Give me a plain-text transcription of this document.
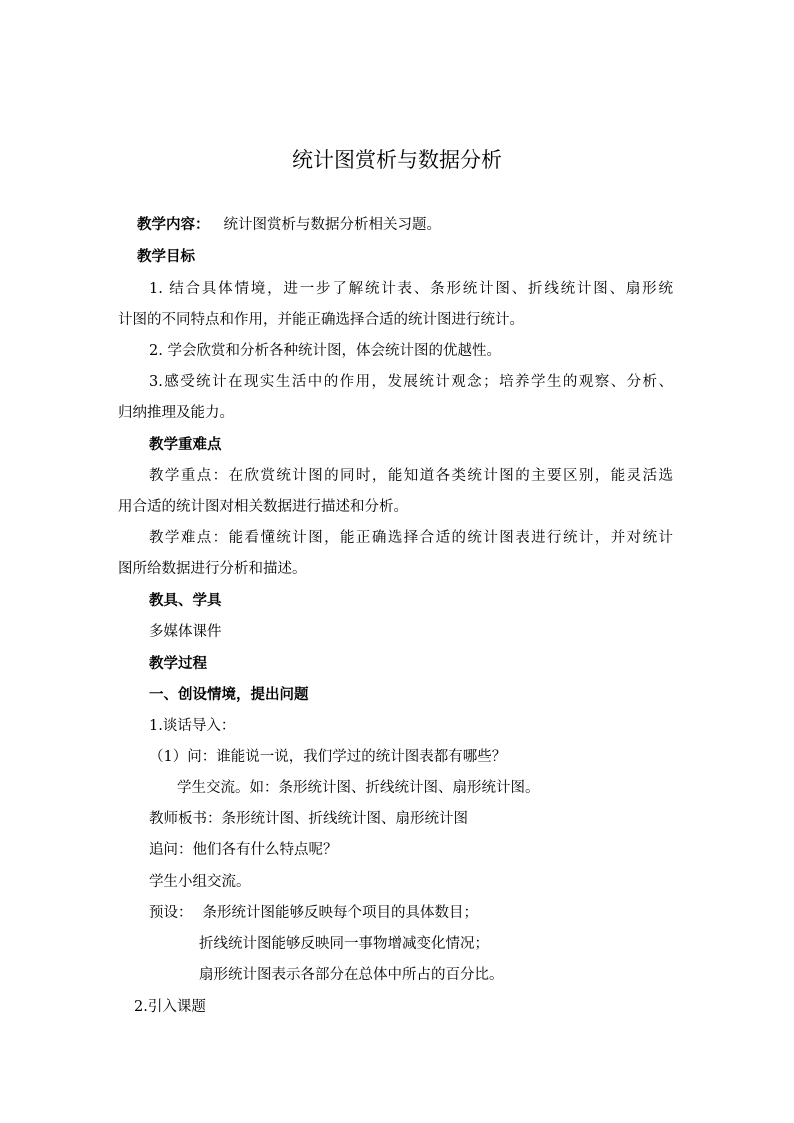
统计图赏析与数据分析
教学内容： 统计图赏析与数据分析相关习题。
教学目标
1. 结合具体情境，进一步了解统计表、条形统计图、折线统计图、扇形统
计图的不同特点和作用，并能正确选择合适的统计图进行统计。
2. 学会欣赏和分析各种统计图，体会统计图的优越性。
3.感受统计在现实生活中的作用，发展统计观念；培养学生的观察、分析、
归纳推理及能力。
教学重难点
教学重点：在欣赏统计图的同时，能知道各类统计图的主要区别，能灵活选
用合适的统计图对相关数据进行描述和分析。
教学难点：能看懂统计图，能正确选择合适的统计图表进行统计，并对统计
图所给数据进行分析和描述。
教具、学具
多媒体课件
教学过程
一、创设情境，提出问题
1.谈话导入：
（1）问：谁能说一说，我们学过的统计图表都有哪些？
学生交流。如：条形统计图、折线统计图、扇形统计图。
教师板书：条形统计图、折线统计图、扇形统计图
追问：他们各有什么特点呢？
学生小组交流。
预设： 条形统计图能够反映每个项目的具体数目；
折线统计图能够反映同一事物增减变化情况；
扇形统计图表示各部分在总体中所占的百分比。
2.引入课题
